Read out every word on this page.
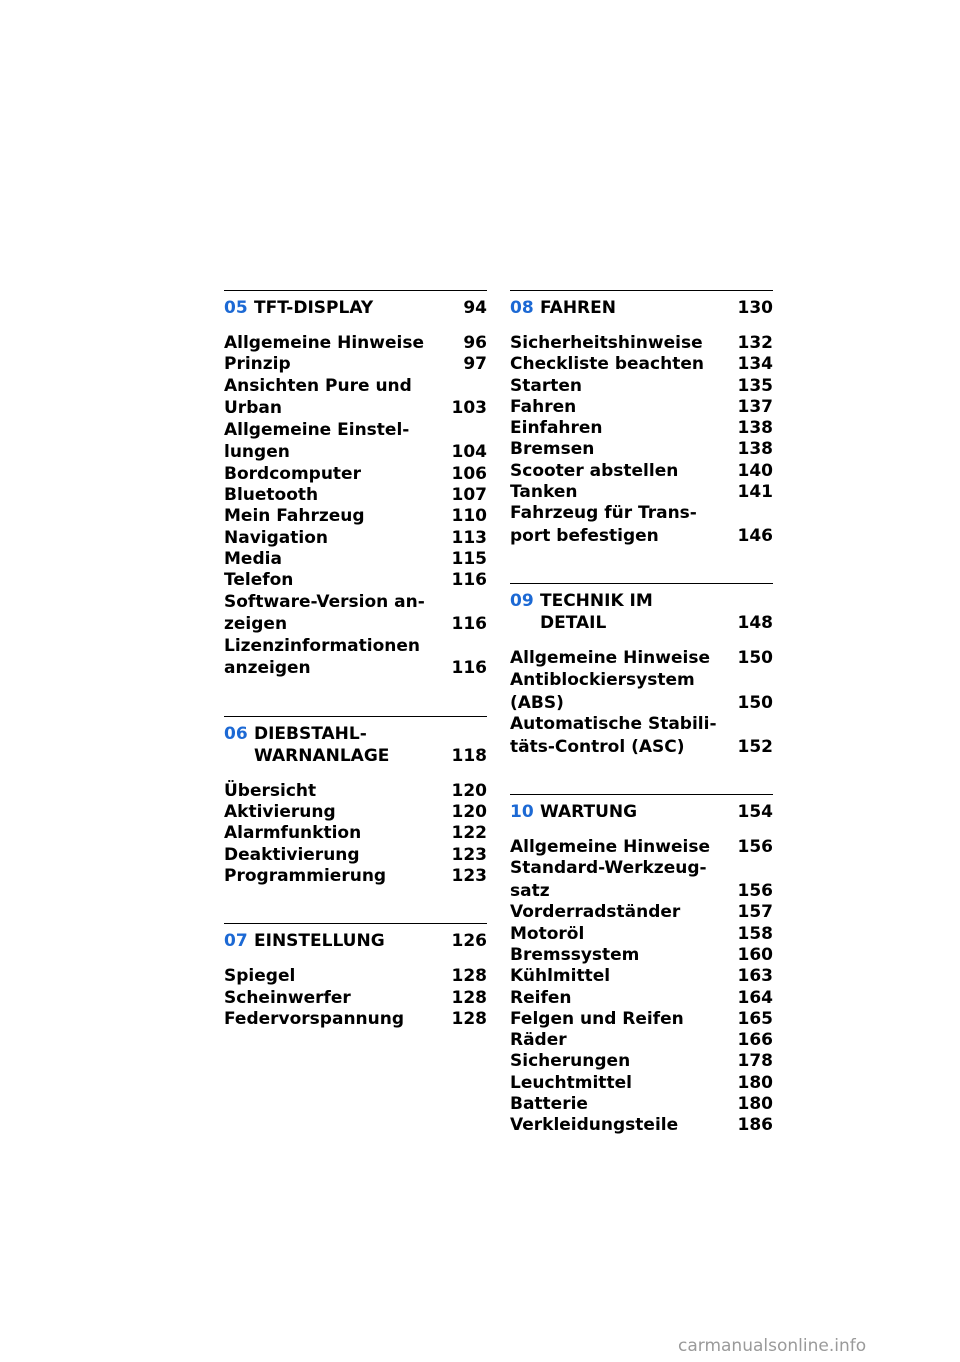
05 TFT-DISPLAY	94
Allgemeine Hinweise	96
Prinzip	97
Ansichten Pure und
Urban	103
Allgemeine Einstel-
lungen	104
Bordcomputer	106
Bluetooth	107
Mein Fahrzeug	110
Navigation	113
Media	115
Telefon	116
Software-Version an-
zeigen	116
Lizenzinformationen
anzeigen	116
06 DIEBSTAHL-
WARNANLAGE	118
Übersicht	120
Aktivierung	120
Alarmfunktion	122
Deaktivierung	123
Programmierung	123
07 EINSTELLUNG	126
Spiegel	128
Scheinwerfer	128
Federvorspannung	128
08 FAHREN	130
Sicherheitshinweise	132
Checkliste beachten	134
Starten	135
Fahren	137
Einfahren	138
Bremsen	138
Scooter abstellen	140
Tanken	141
Fahrzeug für Trans-
port befestigen	146
09 TECHNIK IM
DETAIL	148
Allgemeine Hinweise	150
Antiblockiersystem
(ABS)	150
Automatische Stabili-
täts-Control (ASC)	152
10 WARTUNG	154
Allgemeine Hinweise	156
Standard-Werkzeug-
satz	156
Vorderradständer	157
Motoröl	158
Bremssystem	160
Kühlmittel	163
Reifen	164
Felgen und Reifen	165
Räder	166
Sicherungen	178
Leuchtmittel	180
Batterie	180
Verkleidungsteile	186
carmanualsonline.info
